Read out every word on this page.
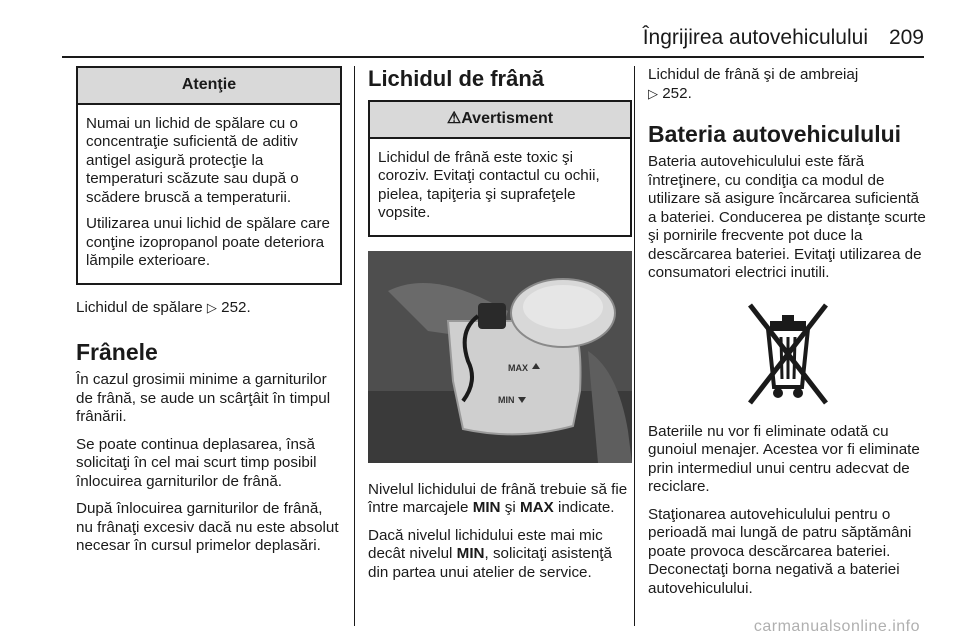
Îngrijirea autovehiculului 209
Atenţie

Numai un lichid de spălare cu o concentraţie suficientă de aditiv antigel asigură protecţie la temperaturi scăzute sau după o scădere bruscă a temperaturii.

Utilizarea unui lichid de spălare care conţine izopropanol poate deteriora lămpile exterioare.

Lichidul de spălare ▷ 252.

Frânele

În cazul grosimii minime a garniturilor de frână, se aude un scârţâit în timpul frânării.

Se poate continua deplasarea, însă solicitaţi în cel mai scurt timp posibil înlocuirea garniturilor de frână.

După înlocuirea garniturilor de frână, nu frânaţi excesiv dacă nu este absolut necesar în cursul primelor deplasări.

Lichidul de frână
⚠Avertisment

Lichidul de frână este toxic şi coroziv. Evitaţi contactul cu ochii, pielea, tapiţeria şi suprafeţele vopsite.

MAX
MIN

Nivelul lichidului de frână trebuie să fie între marcajele MIN şi MAX indicate.

Dacă nivelul lichidului este mai mic decât nivelul MIN, solicitaţi asistenţă din partea unui atelier de service.

Lichidul de frână şi de ambreiaj
▷ 252.

Bateria autovehiculului

Bateria autovehiculului este fără întreţinere, cu condiţia ca modul de utilizare să asigure încărcarea suficientă a bateriei. Conducerea pe distanţe scurte şi pornirile frecvente pot duce la descărcarea bateriei. Evitaţi utilizarea de consumatori electrici inutili.

Bateriile nu vor fi eliminate odată cu gunoiul menajer. Acestea vor fi eliminate prin intermediul unui centru adecvat de reciclare.

Staţionarea autovehiculului pentru o perioadă mai lungă de patru săptămâni poate provoca descărcarea bateriei. Deconectaţi borna negativă a bateriei autovehiculului.

carmanualsonline.info
